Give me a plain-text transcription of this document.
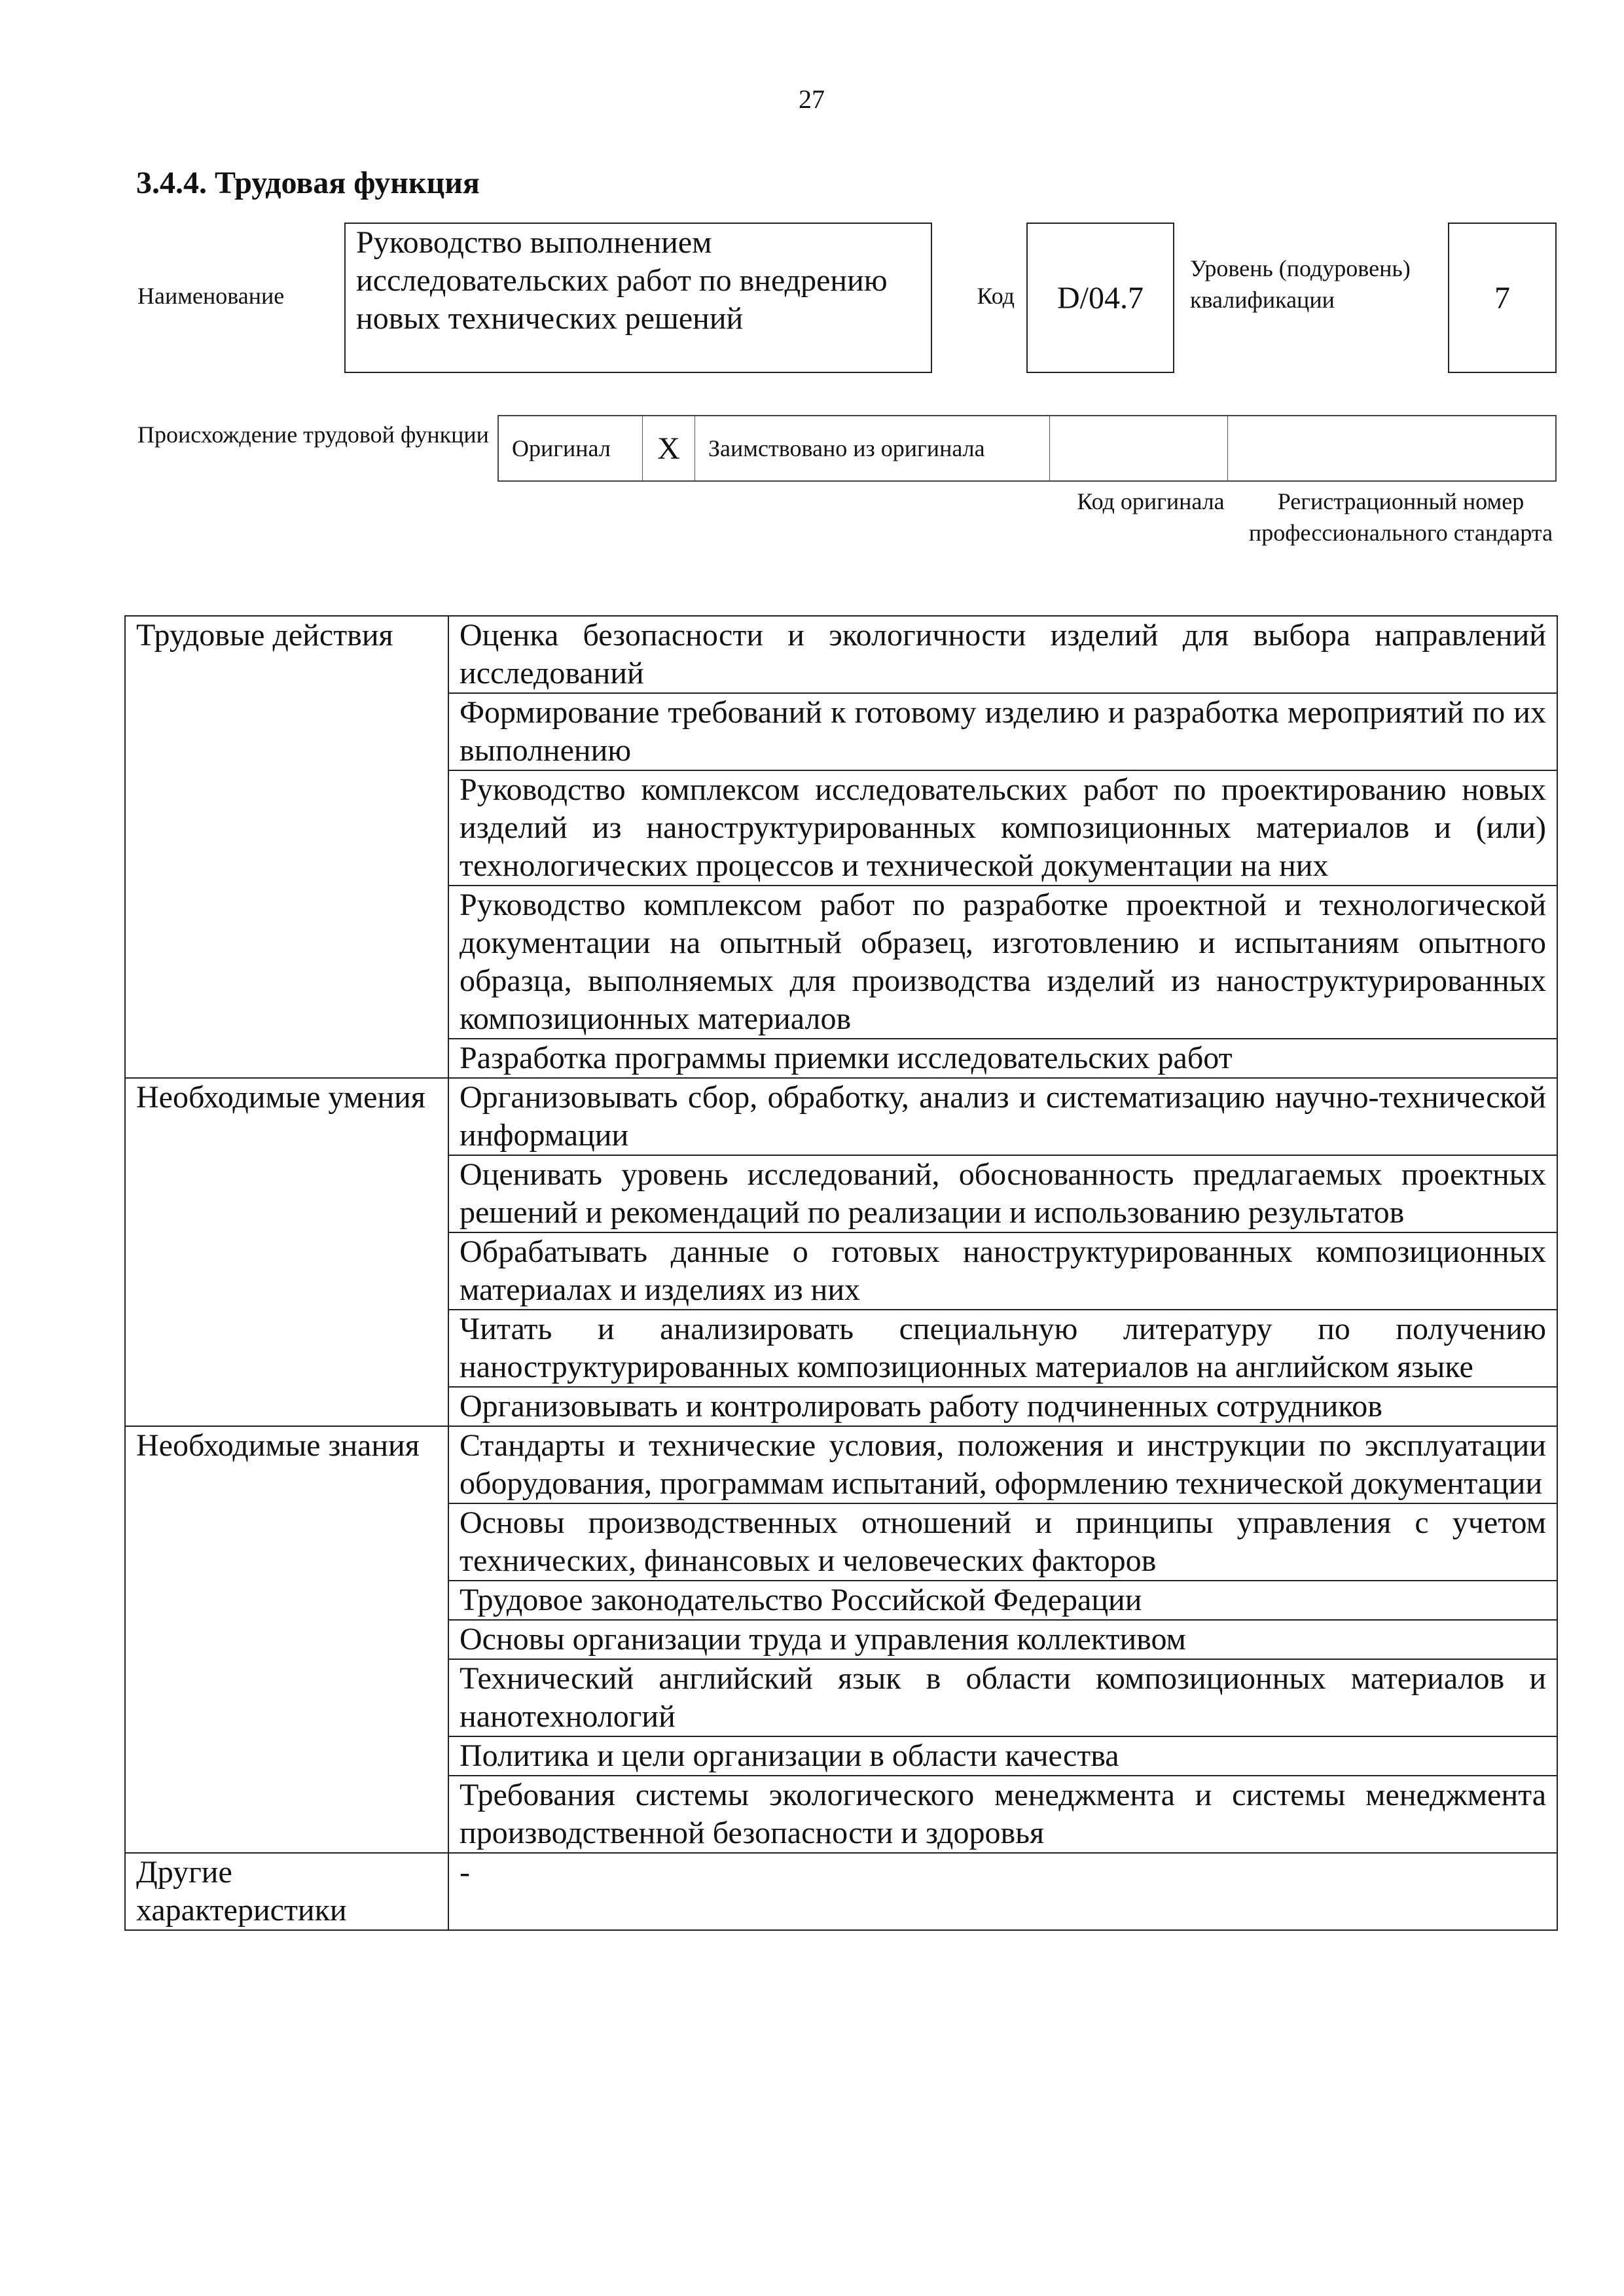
27
3.4.4. Трудовая функция
Наименование
Руководство выполнением исследовательских работ по внедрению новых технических решений
Код D/04.7
Уровень (подуровень) квалификации	7
Происхождение трудовой функции
Оригинал	X	Заимствовано из оригинала
Код оригинала	Регистрационный номер профессионального стандарта
Трудовые действия	Оценка безопасности и экологичности изделий для выбора направлений исследований
	Формирование требований к готовому изделию и разработка мероприятий по их выполнению
	Руководство комплексом исследовательских работ по проектированию новых изделий из наноструктурированных композиционных материалов и (или) технологических процессов и технической документации на них
	Руководство комплексом работ по разработке проектной и технологической документации на опытный образец, изготовлению и испытаниям опытного образца, выполняемых для производства изделий из наноструктурированных композиционных материалов
	Разработка программы приемки исследовательских работ
Необходимые умения	Организовывать сбор, обработку, анализ и систематизацию научно-технической информации
	Оценивать уровень исследований, обоснованность предлагаемых проектных решений и рекомендаций по реализации и использованию результатов
	Обрабатывать данные о готовых наноструктурированных композиционных материалах и изделиях из них
	Читать и анализировать специальную литературу по получению наноструктурированных композиционных материалов на английском языке
	Организовывать и контролировать работу подчиненных сотрудников
Необходимые знания	Стандарты и технические условия, положения и инструкции по эксплуатации оборудования, программам испытаний, оформлению технической документации
	Основы производственных отношений и принципы управления с учетом технических, финансовых и человеческих факторов
	Трудовое законодательство Российской Федерации
	Основы организации труда и управления коллективом
	Технический английский язык в области композиционных материалов и нанотехнологий
	Политика и цели организации в области качества
	Требования системы экологического менеджмента и системы менеджмента производственной безопасности и здоровья
Другие характеристики	-
